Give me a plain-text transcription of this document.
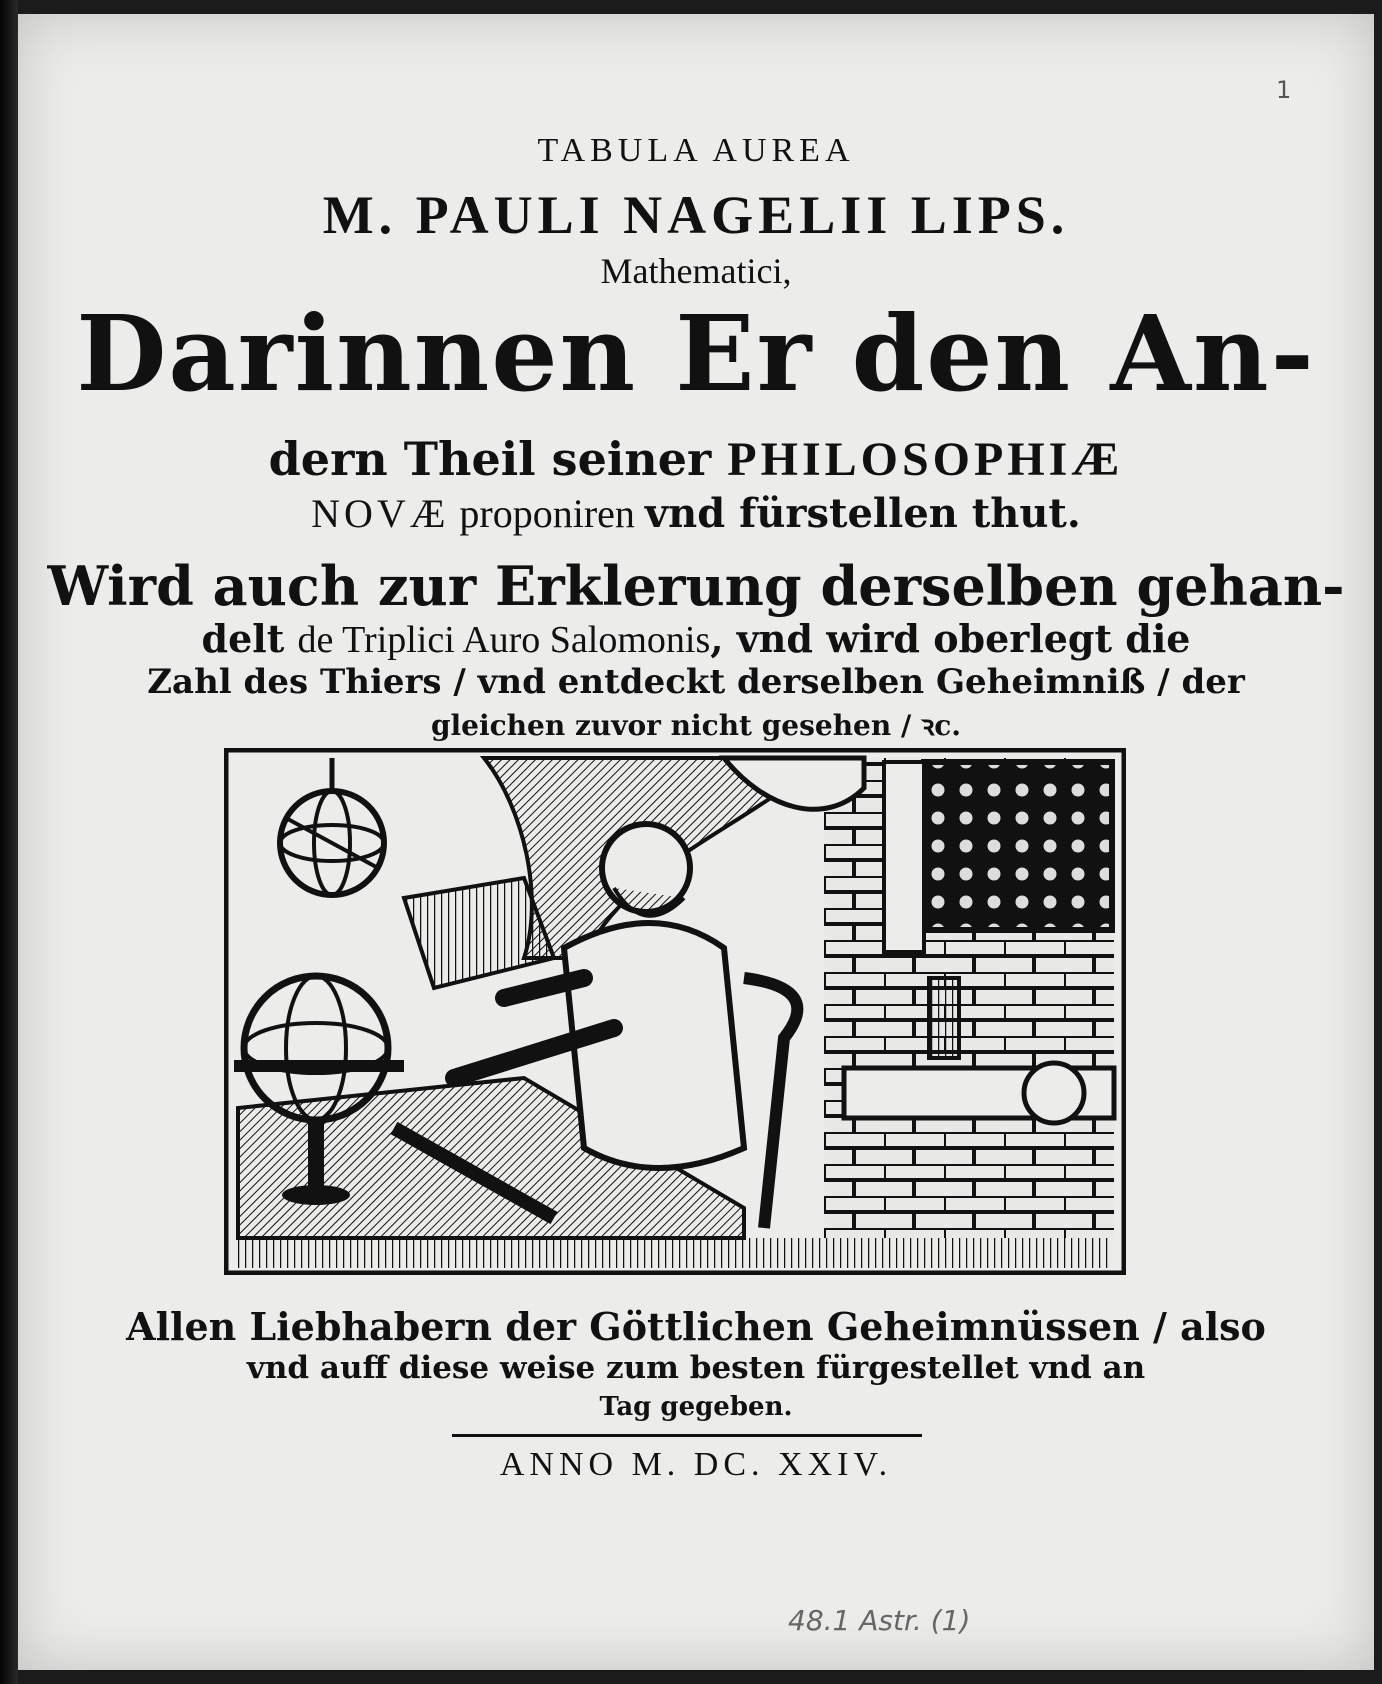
TABULA AUREA
M. PAULI NAGELII LIPS.
Mathematici,
Darinnen Er den An-
dern Theil seiner PHILOSOPHIÆ
NOVÆ proponiren vnd fürstellen thut.
Wird auch zur Erklerung derselben gehan-
delt de Triplici Auro Salomonis, vnd wird oberlegt die
Zahl des Thiers / vnd entdeckt derselben Geheimniß / der
gleichen zuvor nicht gesehen / ꝛc.
Allen Liebhabern der Göttlichen Geheimnüssen / also
vnd auff diese weise zum besten fürgestellet vnd an
Tag gegeben.
ANNO M. DC. XXIV.
1
48.1 Astr. (1)
